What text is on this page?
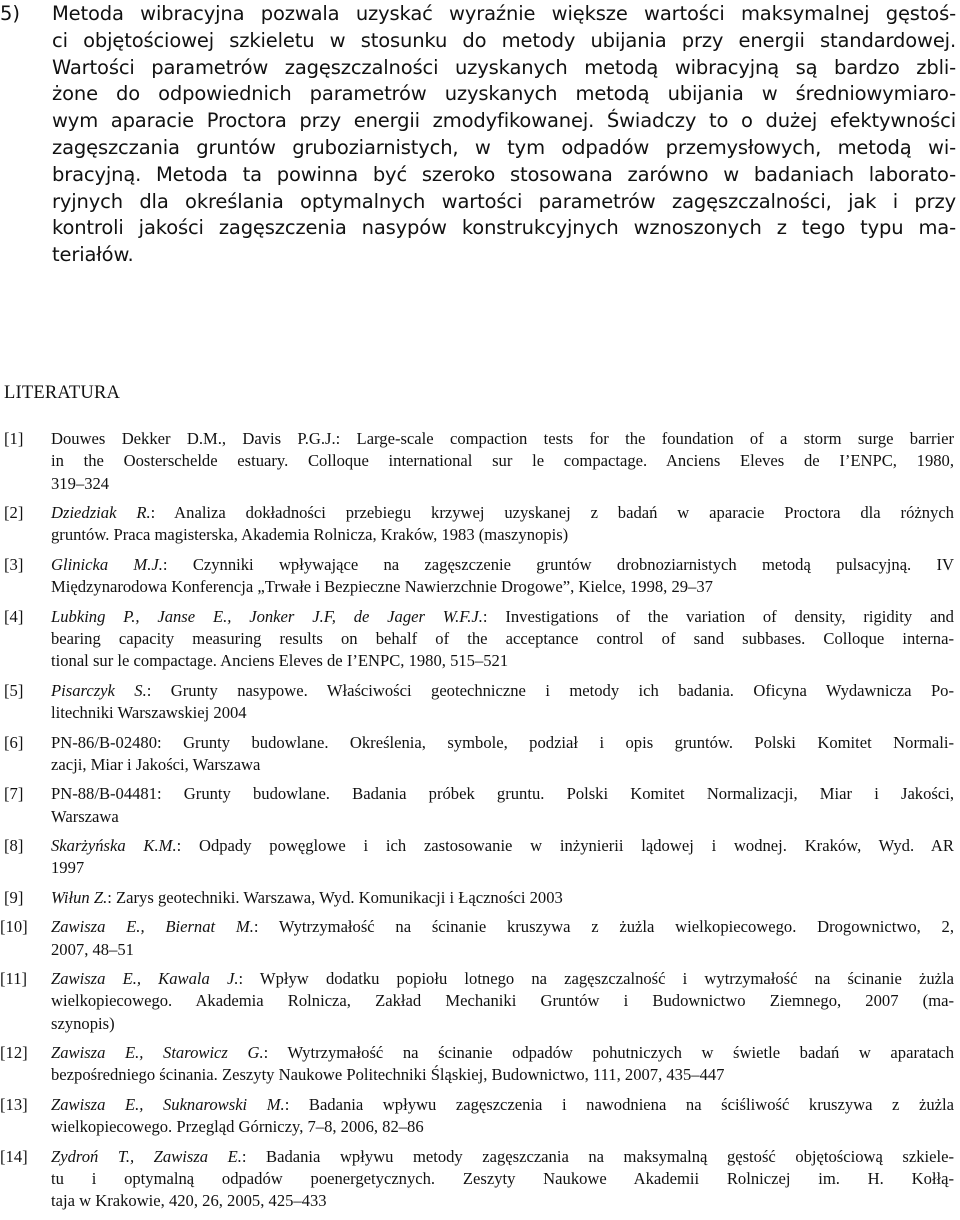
5)	Metoda wibracyjna pozwala uzyskać wyraźnie większe wartości maksymalnej gęstoś-
ci objętościowej szkieletu w stosunku do metody ubijania przy energii standardowej.
Wartości parametrów zagęszczalności uzyskanych metodą wibracyjną są bardzo zbli-
żone do odpowiednich parametrów uzyskanych metodą ubijania w średniowymiaro-
wym aparacie Proctora przy energii zmodyfikowanej. Świadczy to o dużej efektywności
zagęszczania gruntów gruboziarnistych, w tym odpadów przemysłowych, metodą wi-
bracyjną. Metoda ta powinna być szeroko stosowana zarówno w badaniach laborato-
ryjnych dla określania optymalnych wartości parametrów zagęszczalności, jak i przy
kontroli jakości zagęszczenia nasypów konstrukcyjnych wznoszonych z tego typu ma-
teriałów.
LITERATURA
[1]	Douwes Dekker D.M., Davis P.G.J.: Large-scale compaction tests for the foundation of a storm surge barrier
in the Oosterschelde estuary. Colloque international sur le compactage. Anciens Eleves de I’ENPC, 1980,
319–324
[2]	Dziedziak R.: Analiza dokładności przebiegu krzywej uzyskanej z badań w aparacie Proctora dla różnych
gruntów. Praca magisterska, Akademia Rolnicza, Kraków, 1983 (maszynopis)
[3]	Glinicka M.J.: Czynniki wpływające na zagęszczenie gruntów drobnoziarnistych metodą pulsacyjną. IV
Międzynarodowa Konferencja „Trwałe i Bezpieczne Nawierzchnie Drogowe”, Kielce, 1998, 29–37
[4]	Lubking P., Janse E., Jonker J.F, de Jager W.F.J.: Investigations of the variation of density, rigidity and
bearing capacity measuring results on behalf of the acceptance control of sand subbases. Colloque interna-
tional sur le compactage. Anciens Eleves de I’ENPC, 1980, 515–521
[5]	Pisarczyk S.: Grunty nasypowe. Właściwości geotechniczne i metody ich badania. Oficyna Wydawnicza Po-
litechniki Warszawskiej 2004
[6]	PN-86/B-02480: Grunty budowlane. Określenia, symbole, podział i opis gruntów. Polski Komitet Normali-
zacji, Miar i Jakości, Warszawa
[7]	PN-88/B-04481: Grunty budowlane. Badania próbek gruntu. Polski Komitet Normalizacji, Miar i Jakości,
Warszawa
[8]	Skarżyńska K.M.: Odpady powęglowe i ich zastosowanie w inżynierii lądowej i wodnej. Kraków, Wyd. AR
1997
[9]	Wiłun Z.: Zarys geotechniki. Warszawa, Wyd. Komunikacji i Łączności 2003
[10]	Zawisza E., Biernat M.: Wytrzymałość na ścinanie kruszywa z żużla wielkopiecowego. Drogownictwo, 2,
2007, 48–51
[11]	Zawisza E., Kawala J.: Wpływ dodatku popiołu lotnego na zagęszczalność i wytrzymałość na ścinanie żużla
wielkopiecowego. Akademia Rolnicza, Zakład Mechaniki Gruntów i Budownictwo Ziemnego, 2007 (ma-
szynopis)
[12]	Zawisza E., Starowicz G.: Wytrzymałość na ścinanie odpadów pohutniczych w świetle badań w aparatach
bezpośredniego ścinania. Zeszyty Naukowe Politechniki Śląskiej, Budownictwo, 111, 2007, 435–447
[13]	Zawisza E., Suknarowski M.: Badania wpływu zagęszczenia i nawodniena na ściśliwość kruszywa z żużla
wielkopiecowego. Przegląd Górniczy, 7–8, 2006, 82–86
[14]	Zydroń T., Zawisza E.: Badania wpływu metody zagęszczania na maksymalną gęstość objętościową szkiele-
tu i optymalną odpadów poenergetycznych. Zeszyty Naukowe Akademii Rolniczej im. H. Kołłą-
taja w Krakowie, 420, 26, 2005, 425–433
